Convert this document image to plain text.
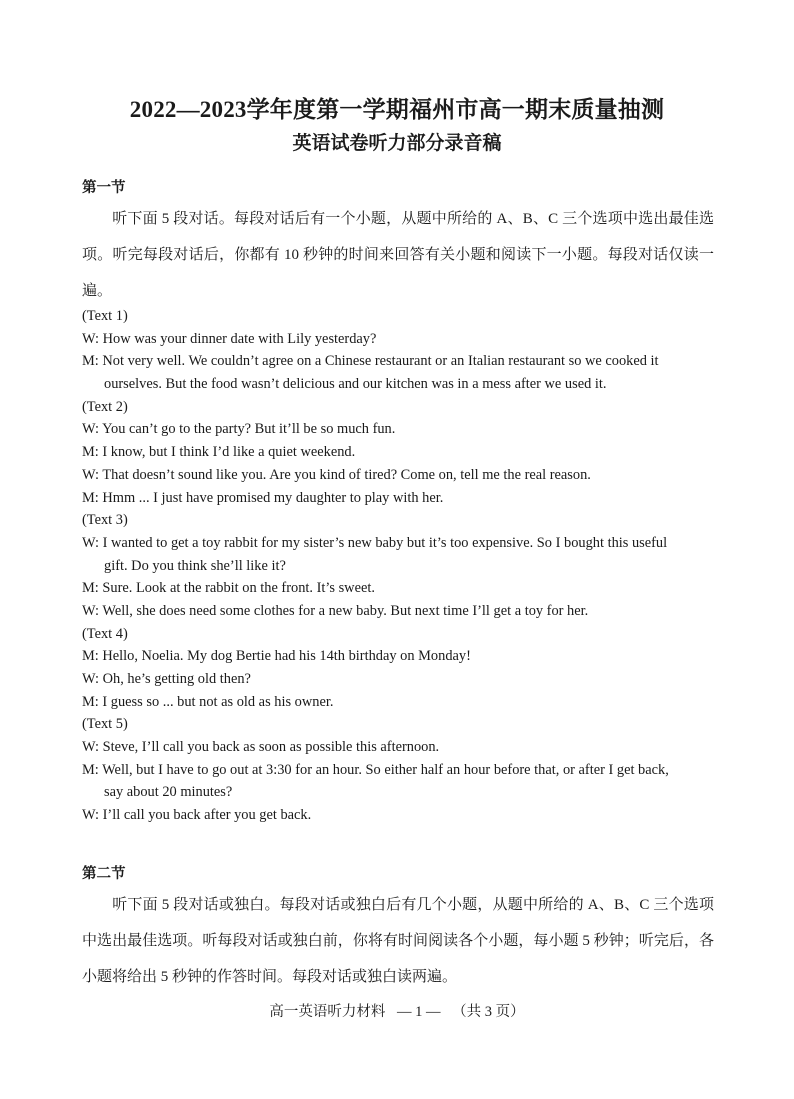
2022—2023学年度第一学期福州市高一期末质量抽测
英语试卷听力部分录音稿
第一节
听下面 5 段对话。每段对话后有一个小题，从题中所给的 A、B、C 三个选项中选出最佳选项。听完每段对话后，你都有 10 秒钟的时间来回答有关小题和阅读下一小题。每段对话仅读一遍。
(Text 1)
W: How was your dinner date with Lily yesterday?
M: Not very well. We couldn’t agree on a Chinese restaurant or an Italian restaurant so we cooked it
ourselves. But the food wasn’t delicious and our kitchen was in a mess after we used it.
(Text 2)
W: You can’t go to the party? But it’ll be so much fun.
M: I know, but I think I’d like a quiet weekend.
W: That doesn’t sound like you. Are you kind of tired? Come on, tell me the real reason.
M: Hmm ... I just have promised my daughter to play with her.
(Text 3)
W: I wanted to get a toy rabbit for my sister’s new baby but it’s too expensive. So I bought this useful
gift. Do you think she’ll like it?
M: Sure. Look at the rabbit on the front. It’s sweet.
W: Well, she does need some clothes for a new baby. But next time I’ll get a toy for her.
(Text 4)
M: Hello, Noelia. My dog Bertie had his 14th birthday on Monday!
W: Oh, he’s getting old then?
M: I guess so ... but not as old as his owner.
(Text 5)
W: Steve, I’ll call you back as soon as possible this afternoon.
M: Well, but I have to go out at 3:30 for an hour. So either half an hour before that, or after I get back,
say about 20 minutes?
W: I’ll call you back after you get back.
第二节
听下面 5 段对话或独白。每段对话或独白后有几个小题，从题中所给的 A、B、C 三个选项中选出最佳选项。听每段对话或独白前，你将有时间阅读各个小题，每小题 5 秒钟；听完后，各小题将给出 5 秒钟的作答时间。每段对话或独白读两遍。
高一英语听力材料 — 1 — （共 3 页）
